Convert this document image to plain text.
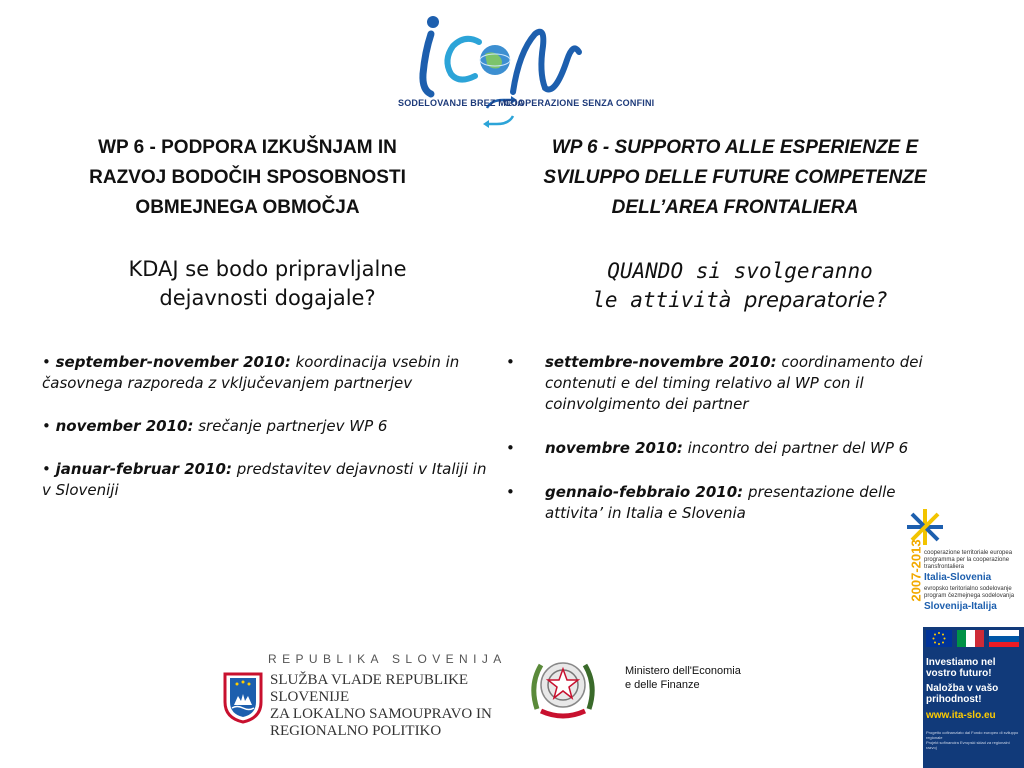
SODELOVANJE BREZ MEJA
COOPERAZIONE SENZA CONFINI
WP 6 - PODPORA IZKUŠNJAM IN
RAZVOJ BODOČIH SPOSOBNOSTI
OBMEJNEGA OBMOČJA
WP 6 - SUPPORTO ALLE ESPERIENZE E
SVILUPPO DELLE FUTURE COMPETENZE
DELL’AREA FRONTALIERA
KDAJ se bodo pripravljalne
dejavnosti dogajale?
QUANDO si svolgeranno
le attività preparatorie?

• september-november 2010: koordinacija vsebin in časovnega razporeda z vključevanjem partnerjev

• november 2010: srečanje partnerjev WP 6

• januar-februar 2010: predstavitev dejavnosti v Italiji in v Sloveniji

• settembre-novembre 2010: coordinamento dei contenuti e del timing relativo al WP con il coinvolgimento dei partner
• novembre 2010: incontro dei partner del WP 6
• gennaio-febbraio 2010: presentazione delle attivita’ in Italia e Slovenia
2007-2013 cooperazione territoriale europea
programma per la cooperazione
transfrontaliera
Italia-Slovenia
evropsko teritorialno sodelovanje
program čezmejnega sodelovanja
Slovenija-Italija
Investiamo nel
vostro futuro!
Naložba v vašo
prihodnost!
www.ita-slo.eu
Progetto cofinanziato dal Fondo europeo di sviluppo regionale
Projekt sofinancira Evropski sklad za regionalni razvoj
REPUBLIKA SLOVENIJA
SLUŽBA VLADE REPUBLIKE SLOVENIJE
ZA LOKALNO SAMOUPRAVO IN
REGIONALNO POLITIKO
Ministero dell'Economia
e delle Finanze
